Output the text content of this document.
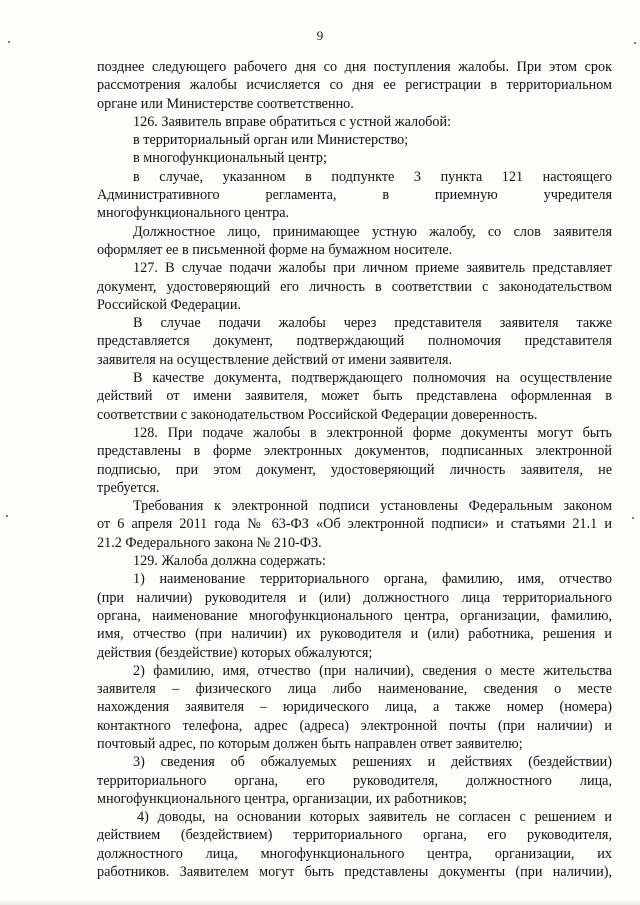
9
позднее следующего рабочего дня со дня поступления жалобы. При этом срок
рассмотрения жалобы исчисляется со дня ее регистрации в территориальном
органе или Министерстве соответственно.
126. Заявитель вправе обратиться с устной жалобой:
в территориальный орган или Министерство;
в многофункциональный центр;
в случае, указанном в подпункте 3 пункта 121 настоящего
Административного регламента, в приемную учредителя
многофункционального центра.
Должностное лицо, принимающее устную жалобу, со слов заявителя
оформляет ее в письменной форме на бумажном носителе.
127. В случае подачи жалобы при личном приеме заявитель представляет
документ, удостоверяющий его личность в соответствии с законодательством
Российской Федерации.
В случае подачи жалобы через представителя заявителя также
представляется документ, подтверждающий полномочия представителя
заявителя на осуществление действий от имени заявителя.
В качестве документа, подтверждающего полномочия на осуществление
действий от имени заявителя, может быть представлена оформленная в
соответствии с законодательством Российской Федерации доверенность.
128. При подаче жалобы в электронной форме документы могут быть
представлены в форме электронных документов, подписанных электронной
подписью, при этом документ, удостоверяющий личность заявителя, не
требуется.
Требования к электронной подписи установлены Федеральным законом
от 6 апреля 2011 года № 63-ФЗ «Об электронной подписи» и статьями 21.1 и
21.2 Федерального закона № 210-ФЗ.
129. Жалоба должна содержать:
1) наименование территориального органа, фамилию, имя, отчество
(при наличии) руководителя и (или) должностного лица территориального
органа, наименование многофункционального центра, организации, фамилию,
имя, отчество (при наличии) их руководителя и (или) работника, решения и
действия (бездействие) которых обжалуются;
2) фамилию, имя, отчество (при наличии), сведения о месте жительства
заявителя – физического лица либо наименование, сведения о месте
нахождения заявителя – юридического лица, а также номер (номера)
контактного телефона, адрес (адреса) электронной почты (при наличии) и
почтовый адрес, по которым должен быть направлен ответ заявителю;
3) сведения об обжалуемых решениях и действиях (бездействии)
территориального органа, его руководителя, должностного лица,
многофункционального центра, организации, их работников;
4) доводы, на основании которых заявитель не согласен с решением и
действием (бездействием) территориального органа, его руководителя,
должностного лица, многофункционального центра, организации, их
работников. Заявителем могут быть представлены документы (при наличии),
